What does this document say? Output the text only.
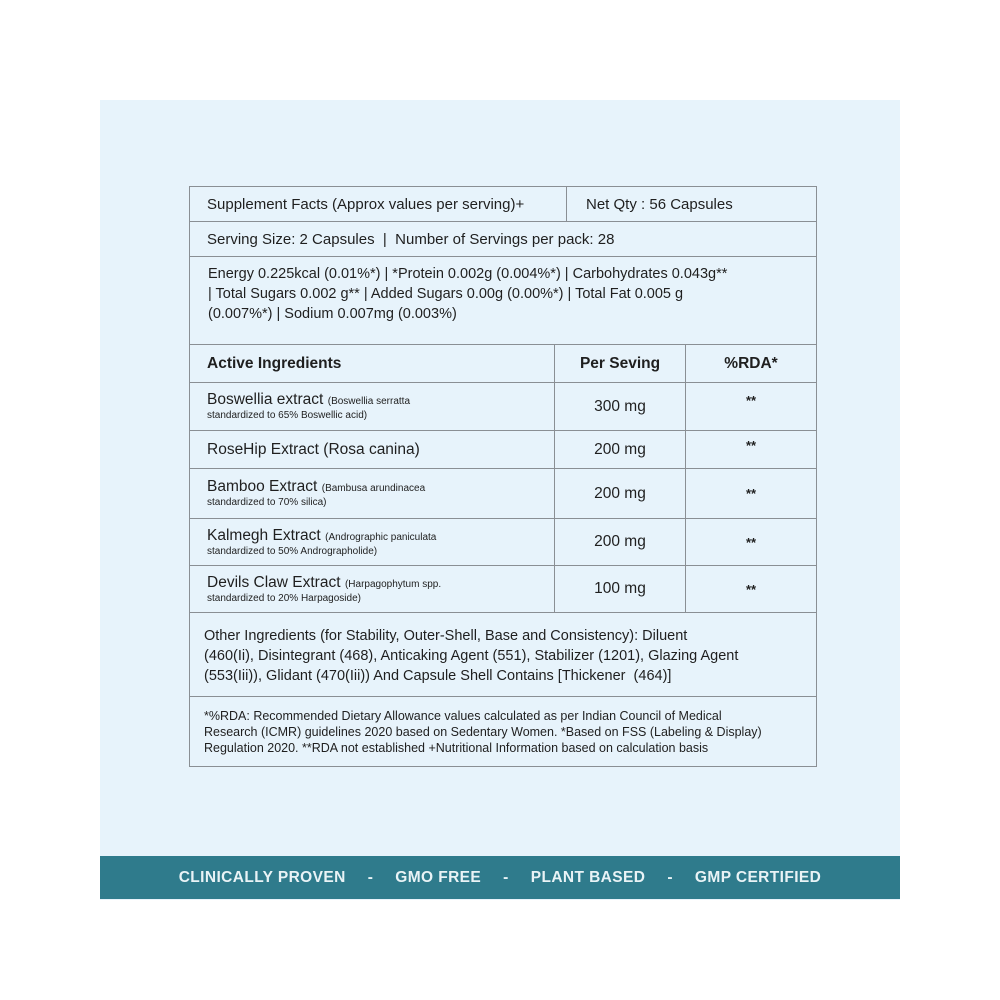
Supplement Facts (Approx values per serving)+	Net Qty : 56 Capsules
Serving Size: 2 Capsules  |  Number of Servings per pack: 28
Energy 0.225kcal (0.01%*) | *Protein 0.002g (0.004%*) | Carbohydrates 0.043g**
| Total Sugars 0.002 g** | Added Sugars 0.00g (0.00%*) | Total Fat 0.005 g
(0.007%*) | Sodium 0.007mg (0.003%)
Active Ingredients	Per Seving	%RDA*
Boswellia extract (Boswellia serratta
standardized to 65% Boswellic acid)
300 mg	**
RoseHip Extract (Rosa canina)	200 mg	**
Bamboo Extract (Bambusa arundinacea
standardized to 70% silica)
200 mg	**
Kalmegh Extract (Andrographic paniculata
standardized to 50% Andrographolide)
200 mg	**
Devils Claw Extract (Harpagophytum spp.
standardized to 20% Harpagoside)
100 mg	**
Other Ingredients (for Stability, Outer-Shell, Base and Consistency): Diluent
(460(Ii), Disintegrant (468), Anticaking Agent (551), Stabilizer (1201), Glazing Agent
(553(Iii)), Glidant (470(Iii)) And Capsule Shell Contains [Thickener  (464)]
*%RDA: Recommended Dietary Allowance values calculated as per Indian Council of Medical
Research (ICMR) guidelines 2020 based on Sedentary Women. *Based on FSS (Labeling & Display)
Regulation 2020. **RDA not established +Nutritional Information based on calculation basis
CLINICALLY PROVEN - GMO FREE - PLANT BASED - GMP CERTIFIED
